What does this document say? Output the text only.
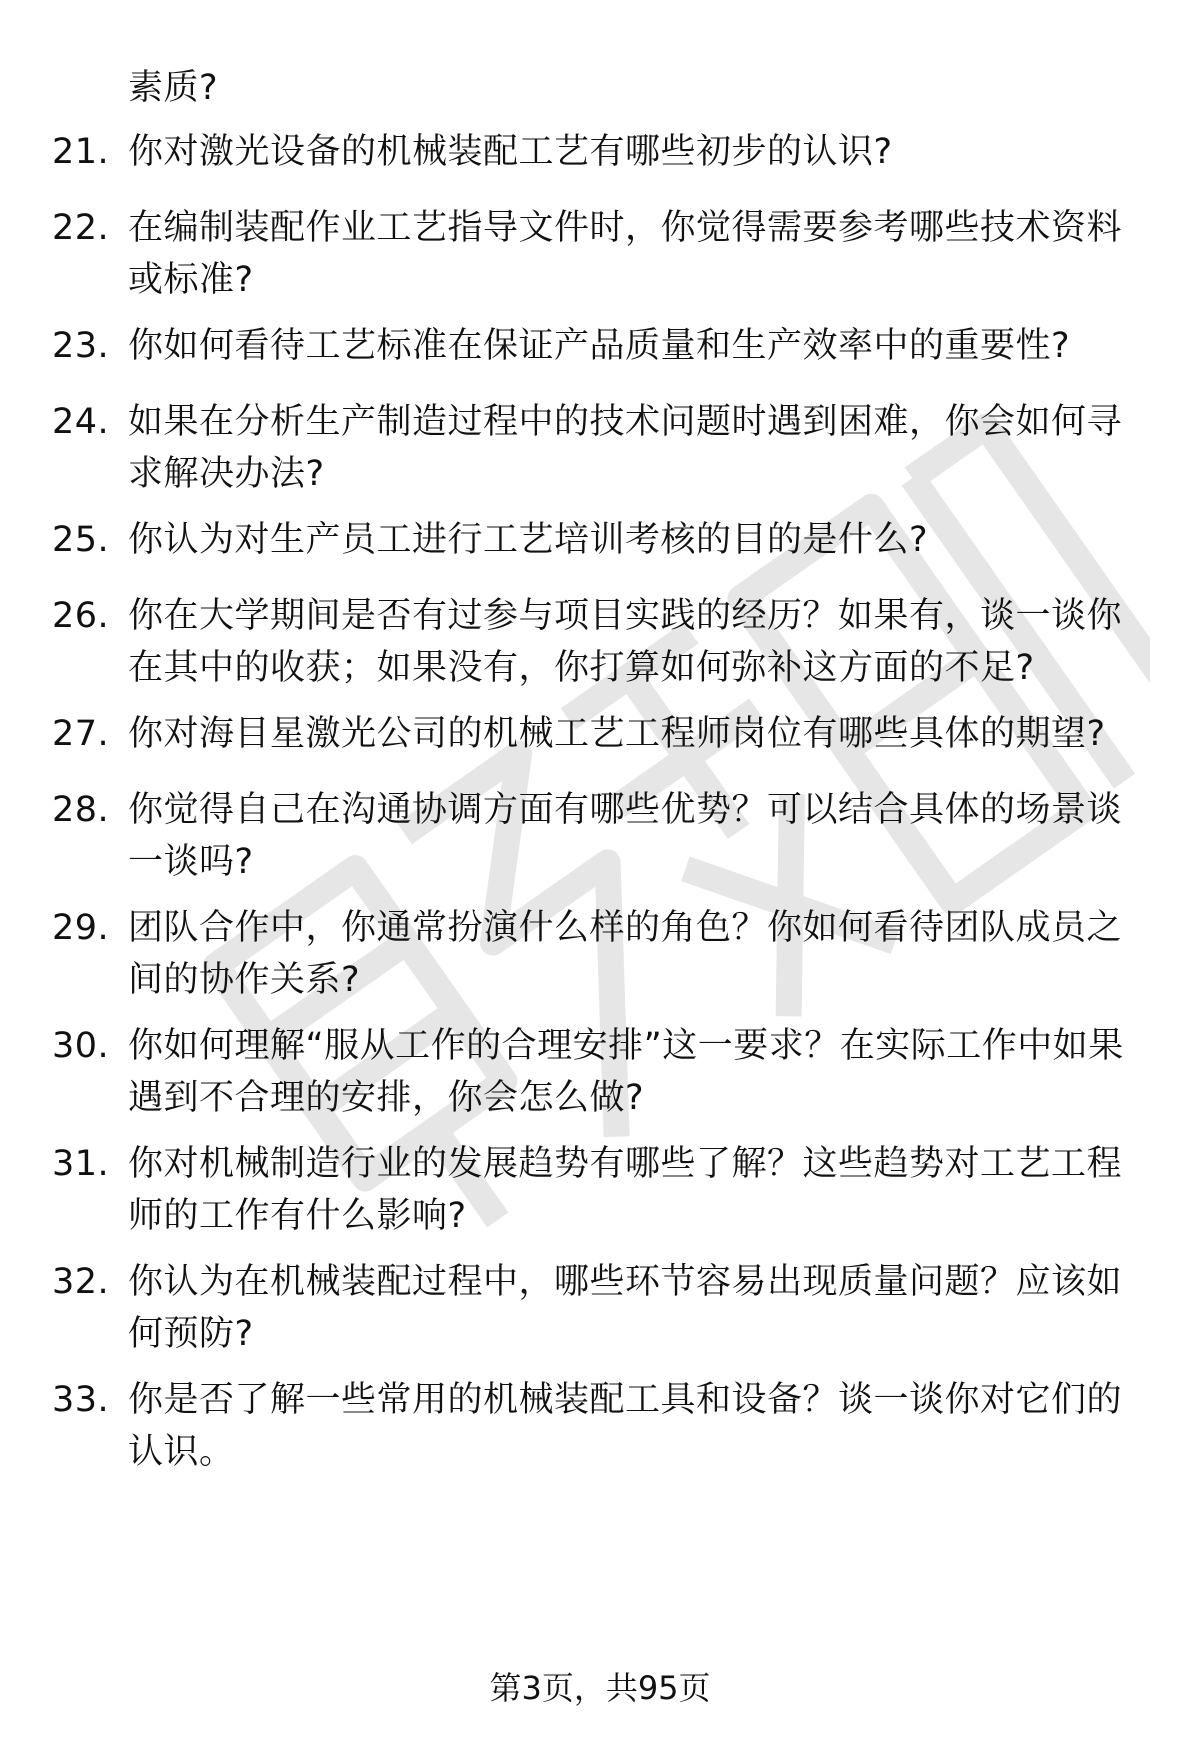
素质?
21. 你对激光设备的机械装配工艺有哪些初步的认识?
22. 在编制装配作业工艺指导文件时，你觉得需要参考哪些技术资料或标准?
23. 你如何看待工艺标准在保证产品质量和生产效率中的重要性?
24. 如果在分析生产制造过程中的技术问题时遇到困难，你会如何寻求解决办法?
25. 你认为对生产员工进行工艺培训考核的目的是什么?
26. 你在大学期间是否有过参与项目实践的经历？如果有，谈一谈你在其中的收获；如果没有，你打算如何弥补这方面的不足?
27. 你对海目星激光公司的机械工艺工程师岗位有哪些具体的期望?
28. 你觉得自己在沟通协调方面有哪些优势？可以结合具体的场景谈一谈吗?
29. 团队合作中，你通常扮演什么样的角色？你如何看待团队成员之间的协作关系?
30. 你如何理解“服从工作的合理安排”这一要求？在实际工作中如果遇到不合理的安排，你会怎么做?
31. 你对机械制造行业的发展趋势有哪些了解？这些趋势对工艺工程师的工作有什么影响?
32. 你认为在机械装配过程中，哪些环节容易出现质量问题？应该如何预防?
33. 你是否了解一些常用的机械装配工具和设备？谈一谈你对它们的认识。
第3页，共95页
